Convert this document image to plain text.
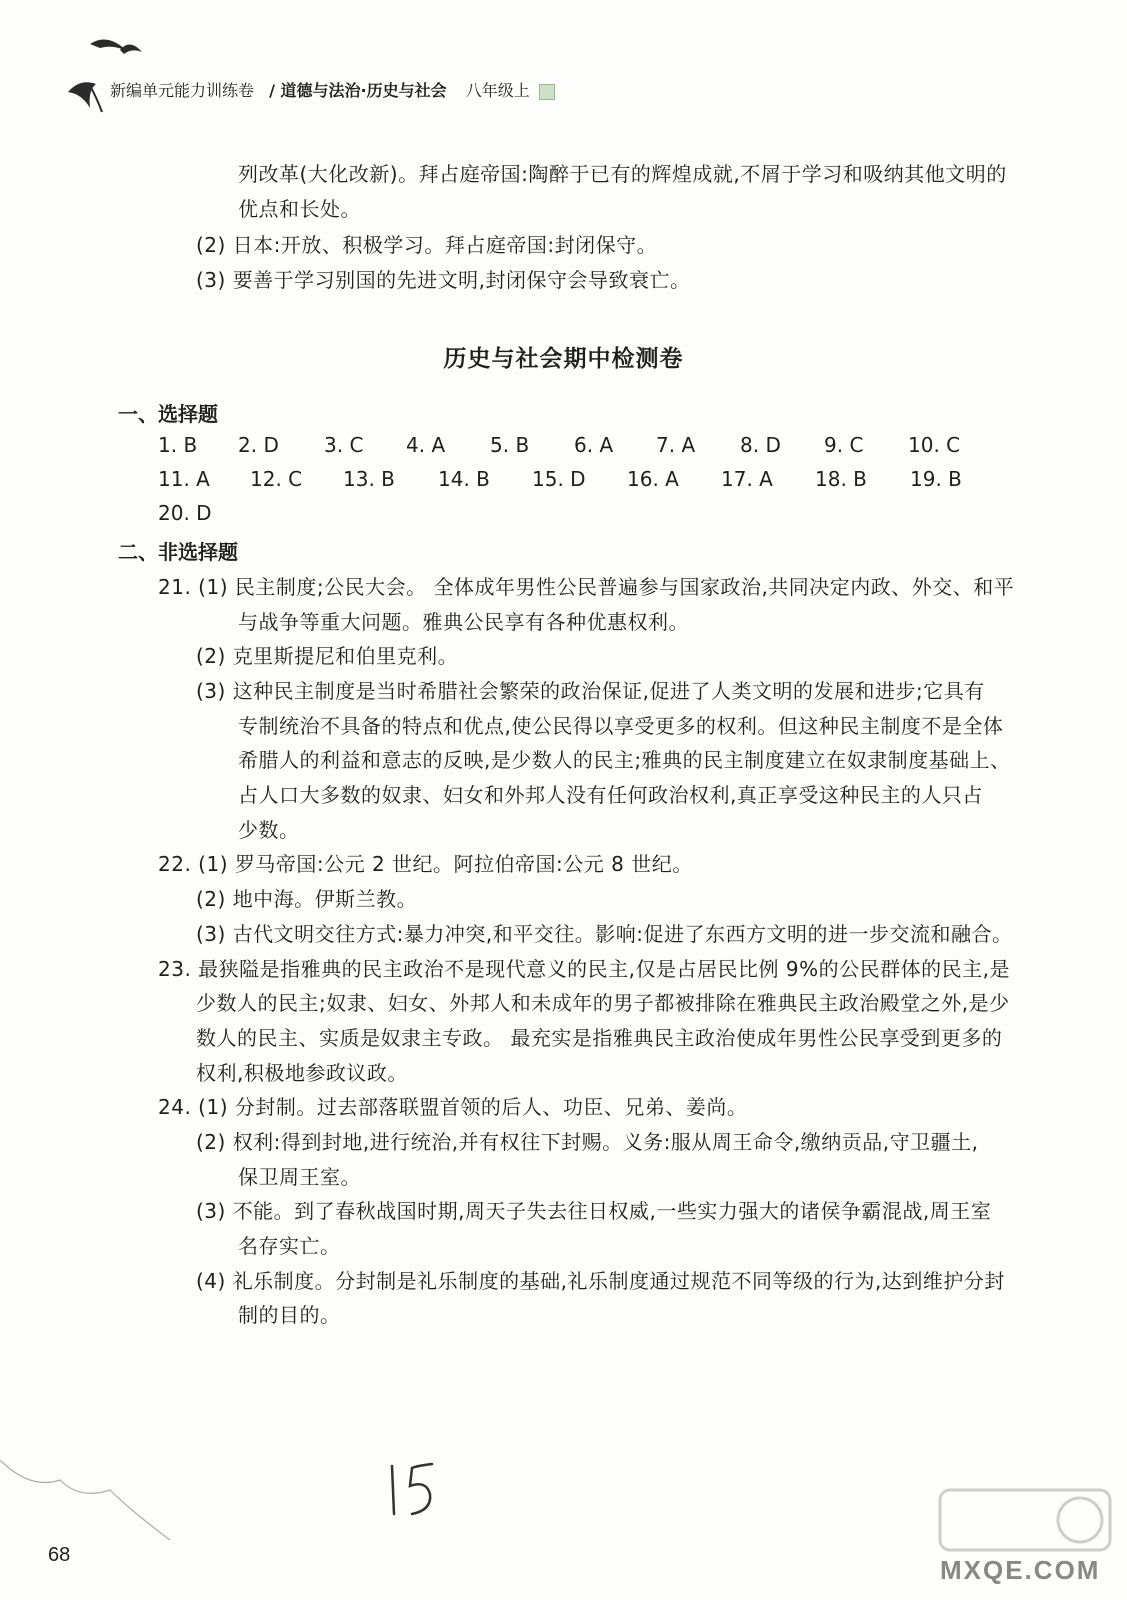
新编单元能力训练卷 / 道德与法治·历史与社会 八年级上
列改革(大化改新)。拜占庭帝国:陶醉于已有的辉煌成就,不屑于学习和吸纳其他文明的
优点和长处。
(2) 日本:开放、积极学习。拜占庭帝国:封闭保守。
(3) 要善于学习别国的先进文明,封闭保守会导致衰亡。
历史与社会期中检测卷
一、选择题
1. B 2. D 3. C 4. A 5. B 6. A 7. A 8. D 9. C 10. C
11. A 12. C 13. B 14. B 15. D 16. A 17. A 18. B 19. B
20. D
二、非选择题
21. (1) 民主制度;公民大会。 全体成年男性公民普遍参与国家政治,共同决定内政、外交、和平
与战争等重大问题。雅典公民享有各种优惠权利。
(2) 克里斯提尼和伯里克利。
(3) 这种民主制度是当时希腊社会繁荣的政治保证,促进了人类文明的发展和进步;它具有
专制统治不具备的特点和优点,使公民得以享受更多的权利。但这种民主制度不是全体
希腊人的利益和意志的反映,是少数人的民主;雅典的民主制度建立在奴隶制度基础上、
占人口大多数的奴隶、妇女和外邦人没有任何政治权利,真正享受这种民主的人只占
少数。
22. (1) 罗马帝国:公元 2 世纪。阿拉伯帝国:公元 8 世纪。
(2) 地中海。伊斯兰教。
(3) 古代文明交往方式:暴力冲突,和平交往。影响:促进了东西方文明的进一步交流和融合。
23. 最狭隘是指雅典的民主政治不是现代意义的民主,仅是占居民比例 9%的公民群体的民主,是
少数人的民主;奴隶、妇女、外邦人和未成年的男子都被排除在雅典民主政治殿堂之外,是少
数人的民主、实质是奴隶主专政。 最充实是指雅典民主政治使成年男性公民享受到更多的
权利,积极地参政议政。
24. (1) 分封制。过去部落联盟首领的后人、功臣、兄弟、姜尚。
(2) 权利:得到封地,进行统治,并有权往下封赐。义务:服从周王命令,缴纳贡品,守卫疆土,
保卫周王室。
(3) 不能。到了春秋战国时期,周天子失去往日权威,一些实力强大的诸侯争霸混战,周王室
名存实亡。
(4) 礼乐制度。分封制是礼乐制度的基础,礼乐制度通过规范不同等级的行为,达到维护分封
制的目的。
68	MXQE.COM
